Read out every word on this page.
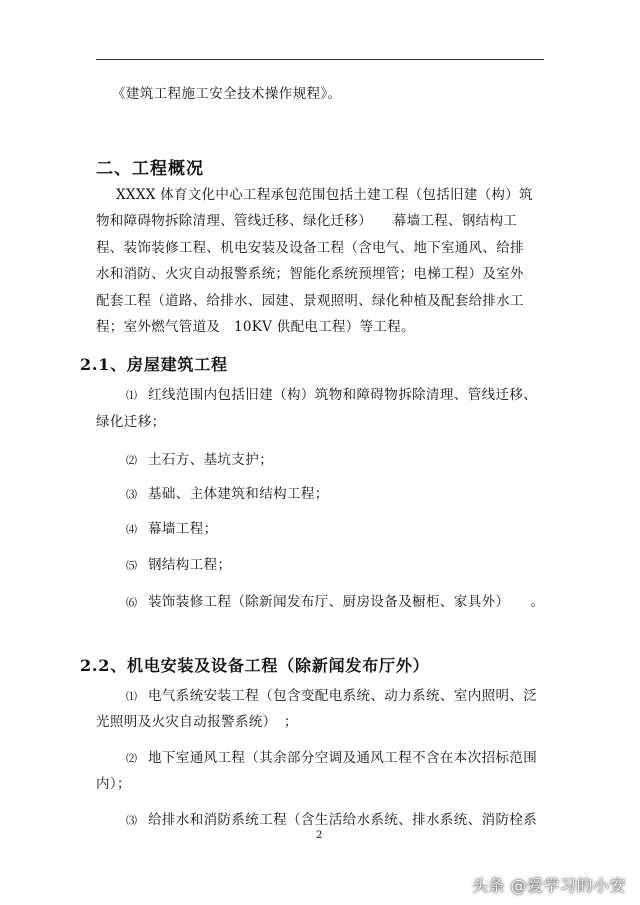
《建筑工程施工安全技术操作规程》。

二、工程概况
XXXX 体育文化中心工程承包范围包括土建工程（包括旧建（构）筑
物和障碍物拆除清理、管线迁移、绿化迁移）　　幕墙工程、钢结构工
程、装饰装修工程、机电安装及设备工程（含电气、地下室通风、给排
水和消防、火灾自动报警系统；智能化系统预埋管；电梯工程）及室外
配套工程（道路、给排水、园建、景观照明、绿化种植及配套给排水工
程；室外燃气管道及　10KV 供配电工程）等工程。
2.1、房屋建筑工程

⑴ 红线范围内包括旧建（构）筑物和障碍物拆除清理、管线迁移、

绿化迁移；

⑵ 土石方、基坑支护；

⑶ 基础、主体建筑和结构工程；

⑷ 幕墙工程；

⑸ 钢结构工程；

⑹ 装饰装修工程（除新闻发布厅、厨房设备及橱柜、家具外）　　。

2.2、机电安装及设备工程（除新闻发布厅外）

⑴ 电气系统安装工程（包含变配电系统、动力系统、室内照明、泛

光照明及火灾自动报警系统）　；

⑵ 地下室通风工程（其余部分空调及通风工程不含在本次招标范围

内）；

⑶ 给排水和消防系统工程（含生活给水系统、排水系统、消防栓系

2

头条 @爱学习的小安
